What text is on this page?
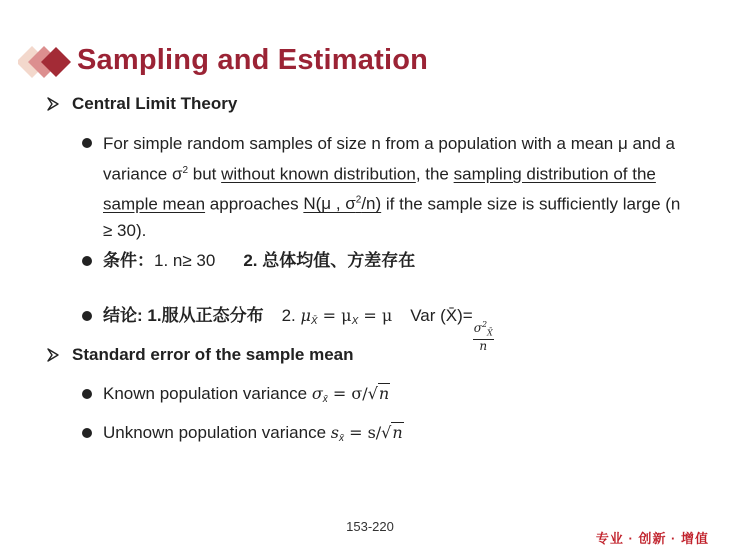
Sampling and Estimation
Central Limit Theory
For simple random samples of size n from a population with a mean μ and a variance $\sigma^2$ but without known distribution, the sampling distribution of the sample mean approaches N(μ , $\sigma^2/n$) if the sample size is sufficiently large (n ≥ 30).
条件：1. n≥ 30 2. 总体均值、方差存在
结论: 1.服从正态分布 2. $\mu_{X̄} = \mu_X = \mu$ Var (X̄)=
$\frac{\sigma^2_{X̄}}{n}$
Standard error of the sample mean
Known population variance $\sigma_{x̄} = \sigma/√n$
Unknown population variance $s_{x̄} = s/√n$
153-220
专业 · 创新 · 增值
